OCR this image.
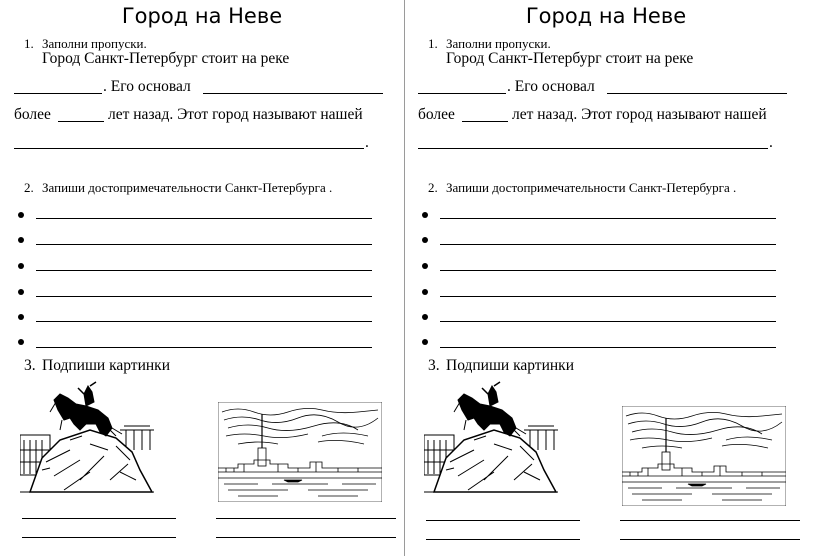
Город на Неве
1. Заполни пропуски.
Город Санкт-Петербург стоит на реке
. Его основал
более	лет назад. Этот город называют нашей
.
2. Запиши достопримечательности Санкт-Петербурга .
3. Подпиши картинки
Город на Неве
1. Заполни пропуски.
Город Санкт-Петербург стоит на реке
. Его основал
более	лет назад. Этот город называют нашей
.
2. Запиши достопримечательности Санкт-Петербурга .
3. Подпиши картинки
